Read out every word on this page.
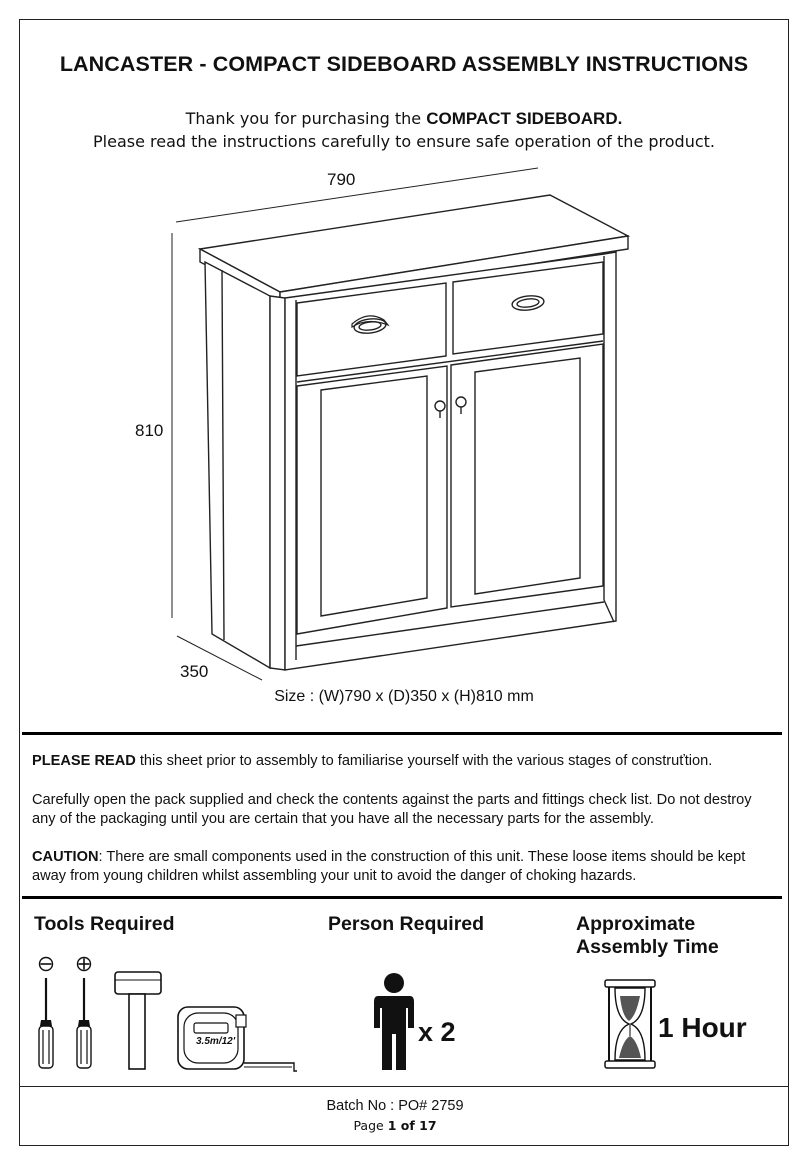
LANCASTER - COMPACT SIDEBOARD ASSEMBLY INSTRUCTIONS
Thank you for purchasing the COMPACT SIDEBOARD.
Please read the instructions carefully to ensure safe operation of the product.
790
810
350
Size : (W)790 x (D)350 x (H)810 mm
PLEASE READ this sheet prior to assembly to familiarise yourself with the various stages of construťtion.
Carefully open the pack supplied and check the contents against the parts and fittings check list. Do not destroy any of the packaging until you are certain that you have all the necessary parts for the assembly.
CAUTION: There are small components used in the construction of this unit. These loose items should be kept away from young children whilst assembling your unit to avoid the danger of choking hazards.
Tools Required	Person Required	Approximate
Assembly Time
3.5m/12'	x 2	1 Hour
Batch No : PO# 2759
Page 1 of 17
